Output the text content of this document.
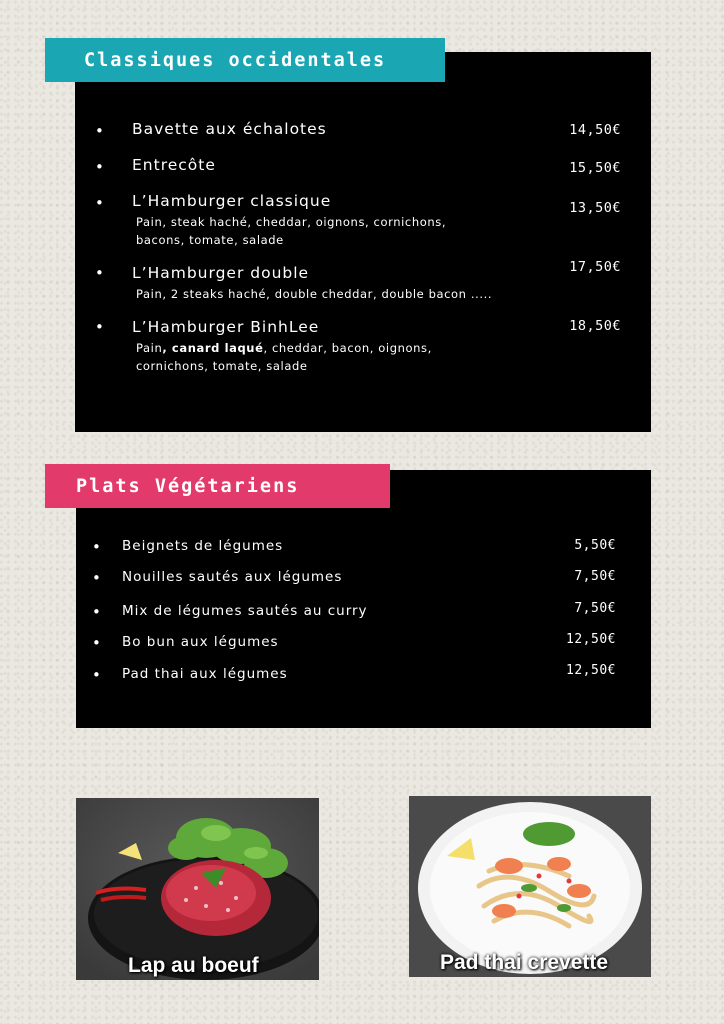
• Bavette aux échalotes	14,50€
• Entrecôte	15,50€
• L’Hamburger classique
Pain, steak haché, cheddar, oignons, cornichons,
bacons, tomate, salade
13,50€
• L’Hamburger double
Pain, 2 steaks haché, double cheddar, double bacon .....
17,50€
• L’Hamburger BinhLee
Pain, canard laqué, cheddar, bacon, oignons,
cornichons, tomate, salade
18,50€
Classiques occidentales
• Beignets de légumes	5,50€
• Nouilles sautés aux légumes	7,50€
• Mix de légumes sautés au curry	7,50€
• Bo bun aux légumes	12,50€
• Pad thai aux légumes	12,50€
Plats Végétariens
Lap au boeuf	Pad thai crevette
